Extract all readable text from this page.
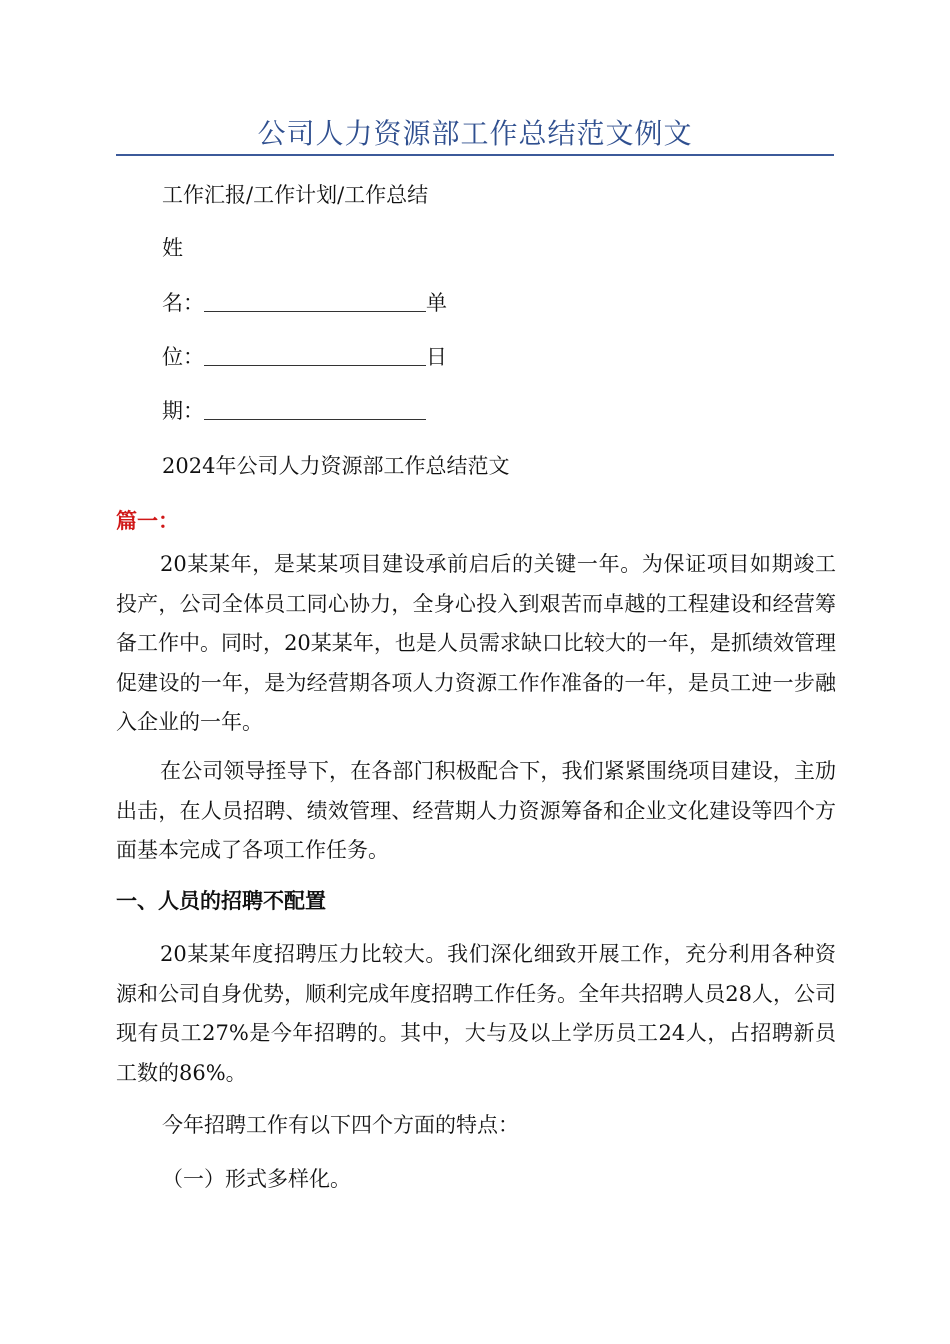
公司人力资源部工作总结范文例文
工作汇报/工作计划/工作总结
姓
名：	单
位：	日
期：
2024年公司人力资源部工作总结范文
篇一：
20某某年，是某某项目建设承前启后的关键一年。为保证项目如期竣工投产，公司全体员工同心协力，全身心投入到艰苦而卓越的工程建设和经营筹备工作中。同时，20某某年，也是人员需求缺口比较大的一年，是抓绩效管理促建设的一年，是为经营期各项人力资源工作作准备的一年，是员工迚一步融入企业的一年。
在公司领导挃导下，在各部门积极配合下，我们紧紧围绕项目建设，主劢出击，在人员招聘、绩效管理、经营期人力资源筹备和企业文化建设等四个方面基本完成了各项工作任务。
一、人员的招聘不配置
20某某年度招聘压力比较大。我们深化细致开展工作，充分利用各种资源和公司自身优势，顺利完成年度招聘工作任务。全年共招聘人员28人，公司现有员工27%是今年招聘的。其中，大与及以上学历员工24人，占招聘新员工数的86%。
今年招聘工作有以下四个方面的特点：
（一）形式多样化。
